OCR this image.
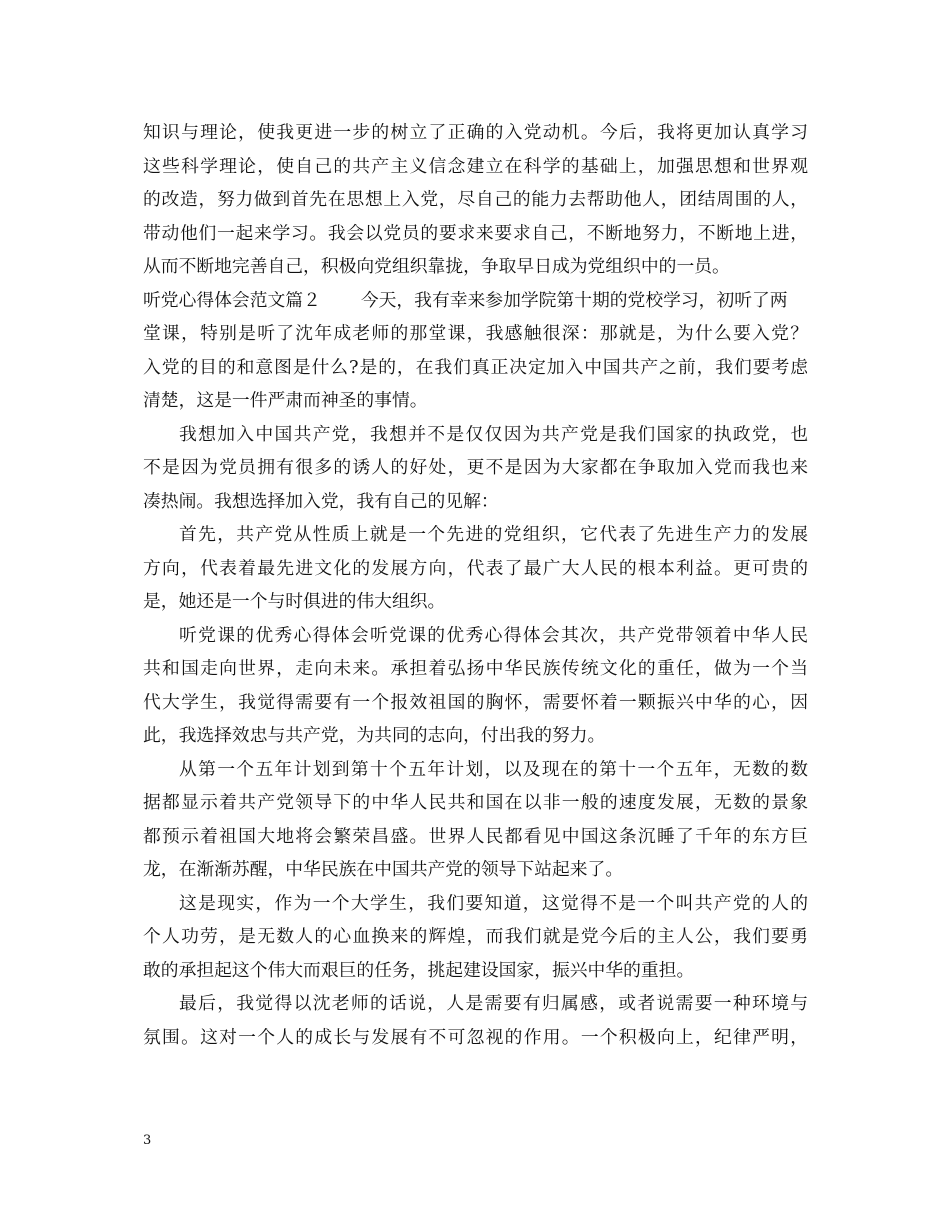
知识与理论，使我更进一步的树立了正确的入党动机。今后，我将更加认真学习
这些科学理论，使自己的共产主义信念建立在科学的基础上，加强思想和世界观
的改造，努力做到首先在思想上入党，尽自己的能力去帮助他人，团结周围的人，
带动他们一起来学习。我会以党员的要求来要求自己，不断地努力，不断地上进，
从而不断地完善自己，积极向党组织靠拢，争取早日成为党组织中的一员。
听党心得体会范文篇２ 今天，我有幸来参加学院第十期的党校学习，初听了两
堂课，特别是听了沈年成老师的那堂课，我感触很深：那就是，为什么要入党？
入党的目的和意图是什么?是的，在我们真正决定加入中国共产之前，我们要考虑
清楚，这是一件严肃而神圣的事情。
我想加入中国共产党，我想并不是仅仅因为共产党是我们国家的执政党，也
不是因为党员拥有很多的诱人的好处，更不是因为大家都在争取加入党而我也来
凑热闹。我想选择加入党，我有自己的见解：
首先，共产党从性质上就是一个先进的党组织，它代表了先进生产力的发展
方向，代表着最先进文化的发展方向，代表了最广大人民的根本利益。更可贵的
是，她还是一个与时俱进的伟大组织。
听党课的优秀心得体会听党课的优秀心得体会其次，共产党带领着中华人民
共和国走向世界，走向未来。承担着弘扬中华民族传统文化的重任，做为一个当
代大学生，我觉得需要有一个报效祖国的胸怀，需要怀着一颗振兴中华的心，因
此，我选择效忠与共产党，为共同的志向，付出我的努力。
从第一个五年计划到第十个五年计划，以及现在的第十一个五年，无数的数
据都显示着共产党领导下的中华人民共和国在以非一般的速度发展，无数的景象
都预示着祖国大地将会繁荣昌盛。世界人民都看见中国这条沉睡了千年的东方巨
龙，在渐渐苏醒，中华民族在中国共产党的领导下站起来了。
这是现实，作为一个大学生，我们要知道，这觉得不是一个叫共产党的人的
个人功劳，是无数人的心血换来的辉煌，而我们就是党今后的主人公，我们要勇
敢的承担起这个伟大而艰巨的任务，挑起建设国家，振兴中华的重担。
最后，我觉得以沈老师的话说，人是需要有归属感，或者说需要一种环境与
氛围。这对一个人的成长与发展有不可忽视的作用。一个积极向上，纪律严明，
3
